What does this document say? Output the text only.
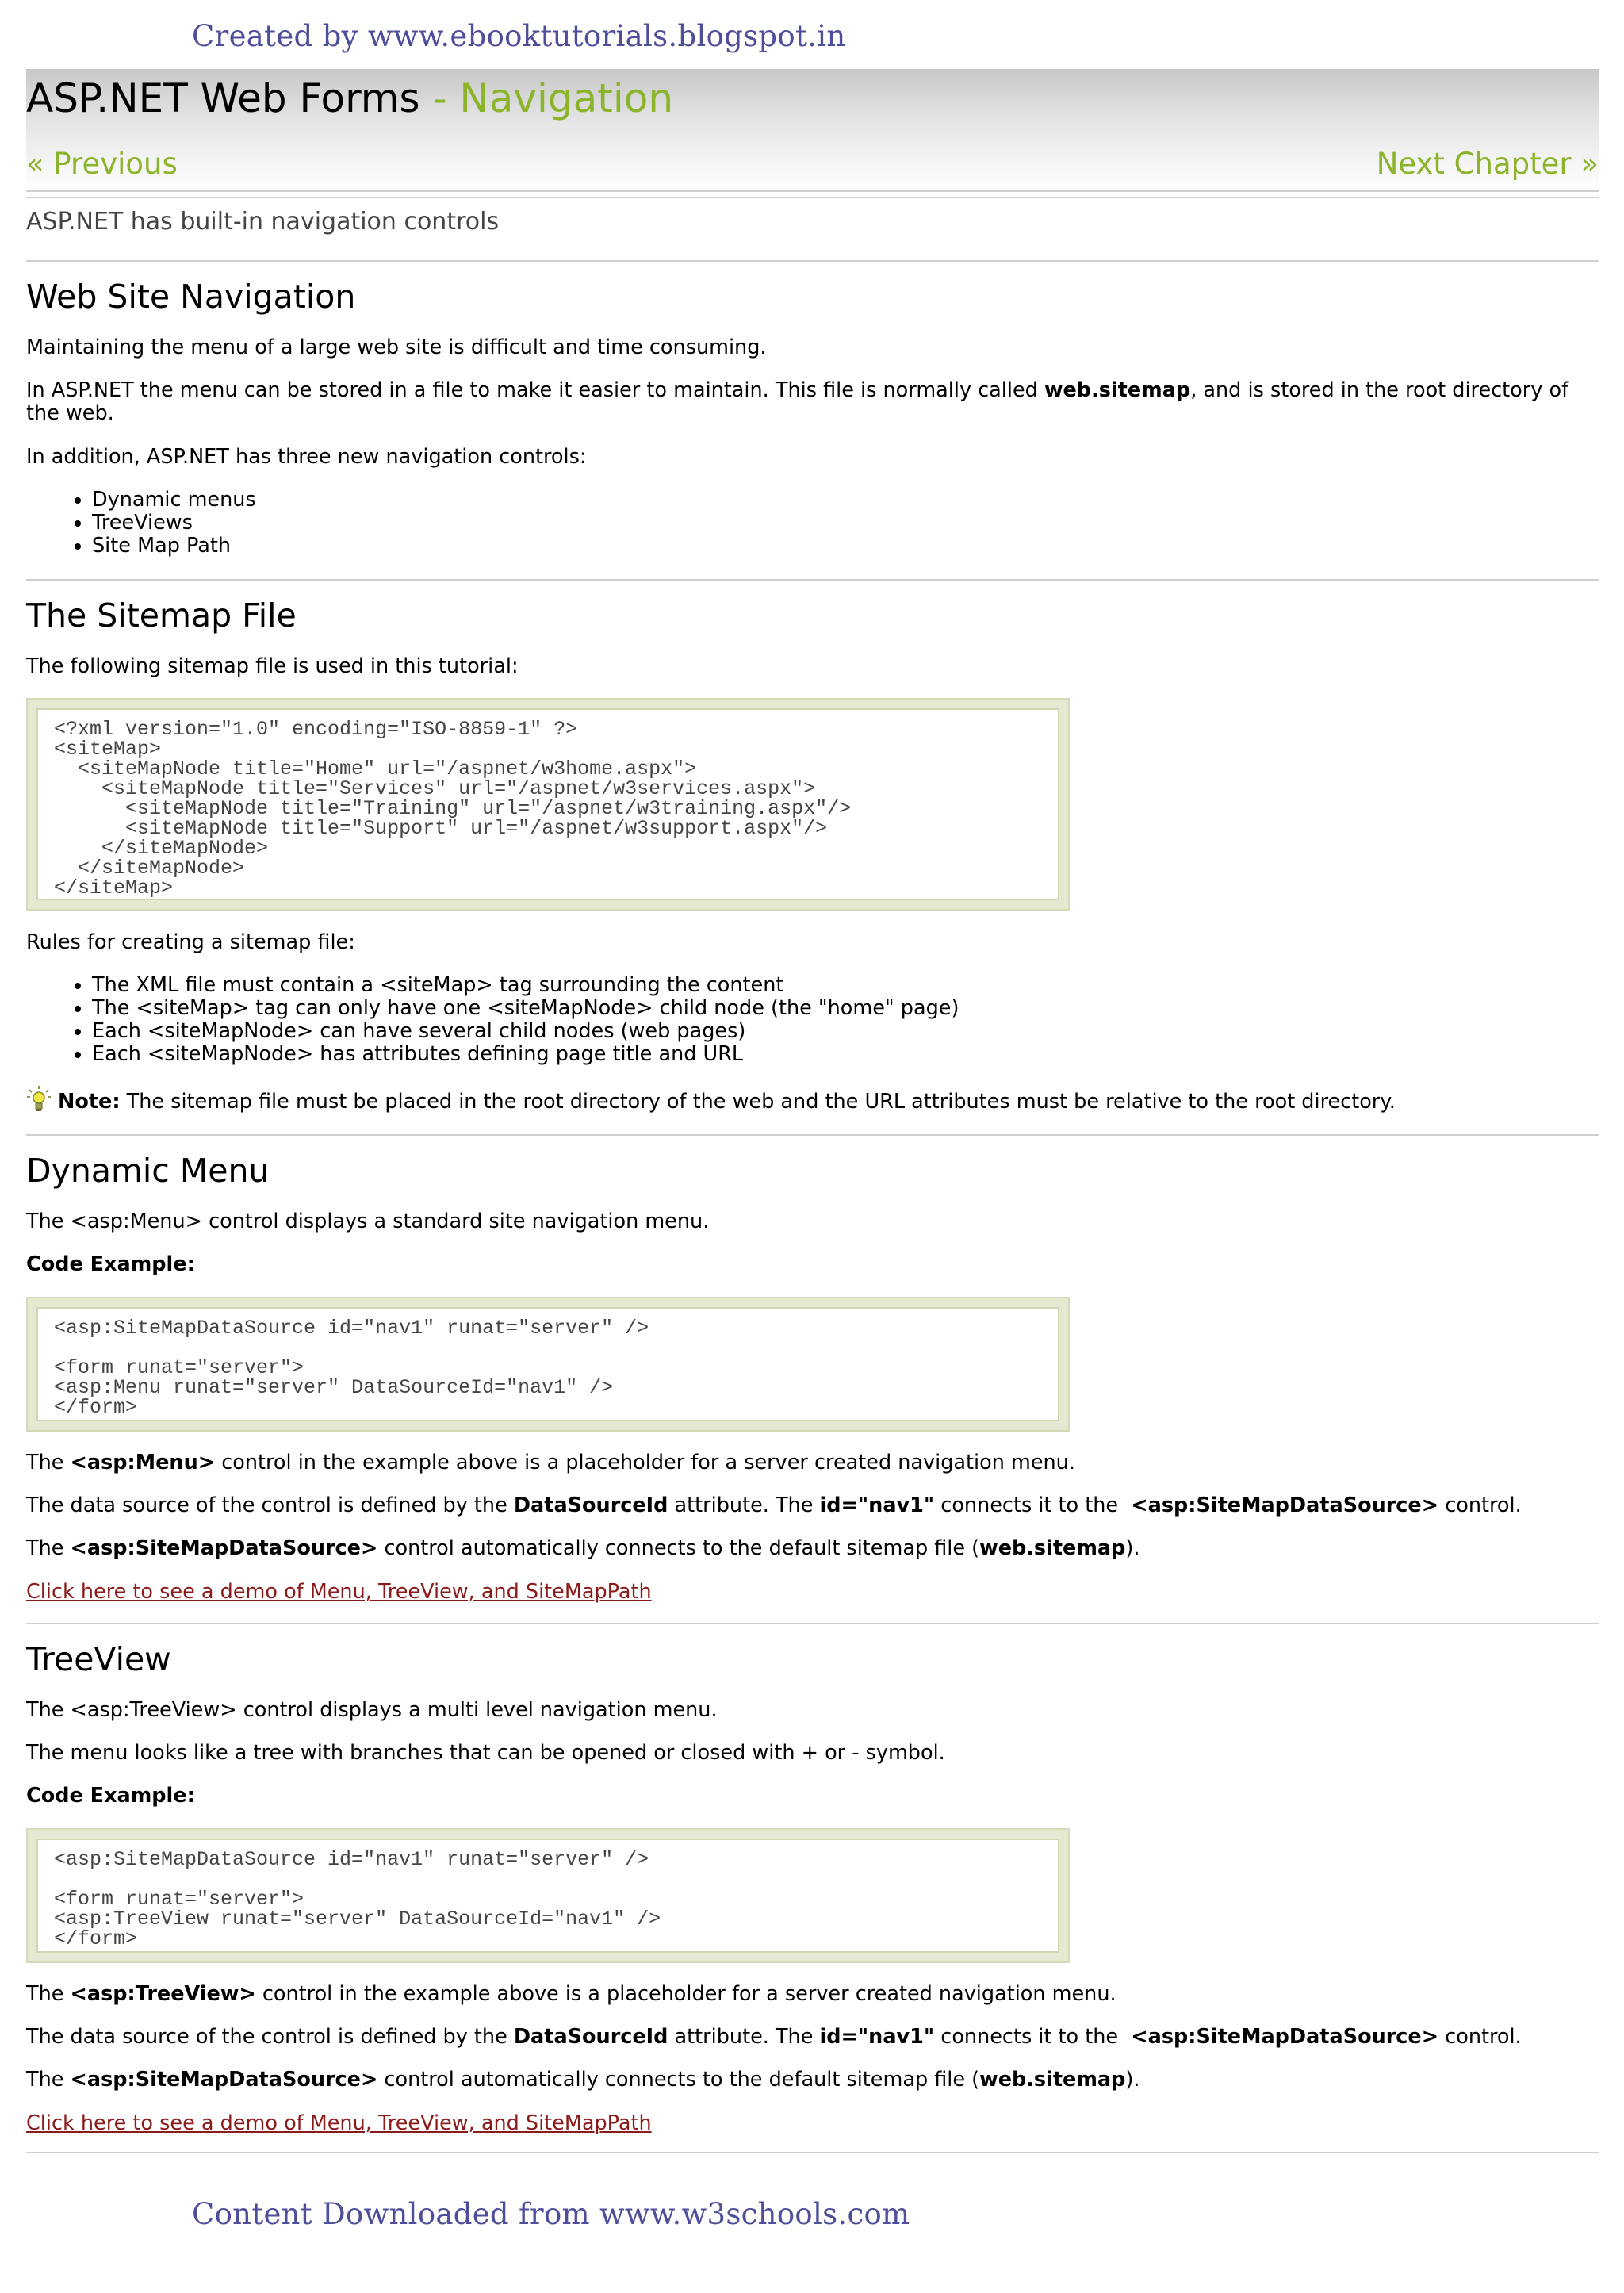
Created by www.ebooktutorials.blogspot.in
ASP.NET Web Forms - Navigation
« Previous	Next Chapter »
ASP.NET has built-in navigation controls
Web Site Navigation

Maintaining the menu of a large web site is difficult and time consuming.

In ASP.NET the menu can be stored in a file to make it easier to maintain. This file is normally called web.sitemap, and is stored in the root directory of the web.

In addition, ASP.NET has three new navigation controls:

• Dynamic menus
• TreeViews
• Site Map Path
The Sitemap File

The following sitemap file is used in this tutorial:

<?xml version="1.0" encoding="ISO-8859-1" ?>
<siteMap>
<siteMapNode title="Home" url="/aspnet/w3home.aspx">
<siteMapNode title="Services" url="/aspnet/w3services.aspx">
<siteMapNode title="Training" url="/aspnet/w3training.aspx"/>
<siteMapNode title="Support" url="/aspnet/w3support.aspx"/>
</siteMapNode>
</siteMapNode>
</siteMap>

Rules for creating a sitemap file:

• The XML file must contain a <siteMap> tag surrounding the content
• The <siteMap> tag can only have one <siteMapNode> child node (the "home" page)
• Each <siteMapNode> can have several child nodes (web pages)
• Each <siteMapNode> has attributes defining page title and URL

Note: The sitemap file must be placed in the root directory of the web and the URL attributes must be relative to the root directory.

Dynamic Menu

The <asp:Menu> control displays a standard site navigation menu.

Code Example:

<asp:SiteMapDataSource id="nav1" runat="server" />

<form runat="server">
<asp:Menu runat="server" DataSourceId="nav1" />
</form>

The <asp:Menu> control in the example above is a placeholder for a server created navigation menu.

The data source of the control is defined by the DataSourceId attribute. The id="nav1" connects it to the  <asp:SiteMapDataSource> control.

The <asp:SiteMapDataSource> control automatically connects to the default sitemap file (web.sitemap).

Click here to see a demo of Menu, TreeView, and SiteMapPath
TreeView

The <asp:TreeView> control displays a multi level navigation menu.

The menu looks like a tree with branches that can be opened or closed with + or - symbol.

Code Example:

<asp:SiteMapDataSource id="nav1" runat="server" />

<form runat="server">
<asp:TreeView runat="server" DataSourceId="nav1" />
</form>

The <asp:TreeView> control in the example above is a placeholder for a server created navigation menu.

The data source of the control is defined by the DataSourceId attribute. The id="nav1" connects it to the  <asp:SiteMapDataSource> control.

The <asp:SiteMapDataSource> control automatically connects to the default sitemap file (web.sitemap).

Click here to see a demo of Menu, TreeView, and SiteMapPath
Content Downloaded from www.w3schools.com
